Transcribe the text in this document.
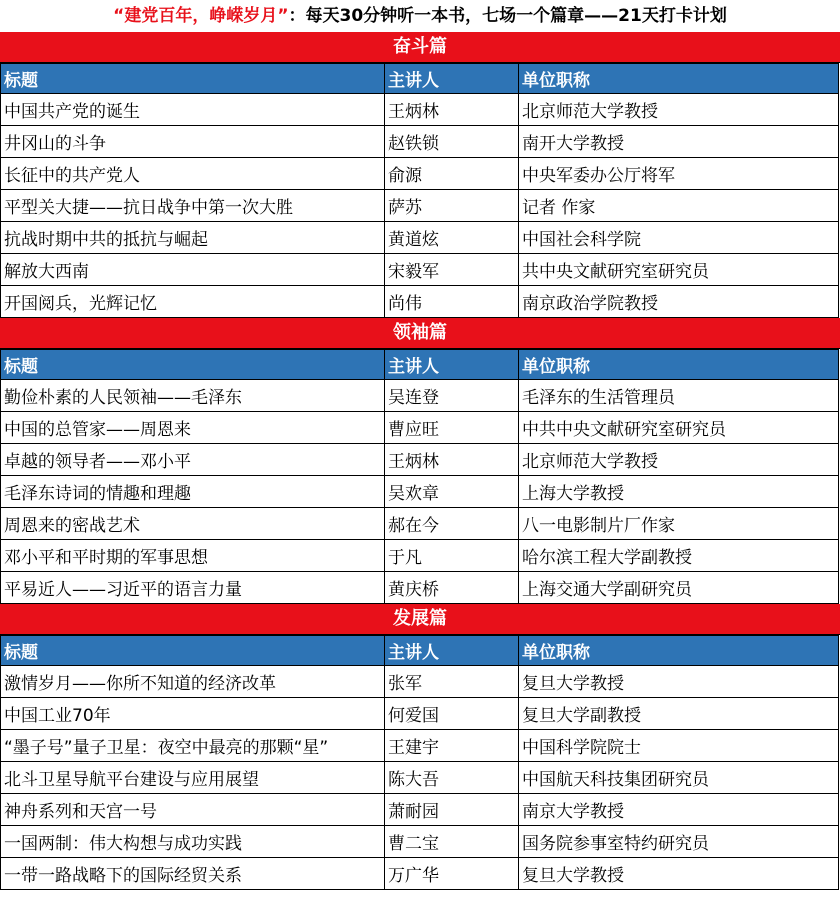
“建党百年，峥嵘岁月”：每天30分钟听一本书，七场一个篇章——21天打卡计划
奋斗篇
标题	主讲人	单位职称
中国共产党的诞生	王炳林	北京师范大学教授
井冈山的斗争	赵铁锁	南开大学教授
长征中的共产党人	俞源	中央军委办公厅将军
平型关大捷——抗日战争中第一次大胜	萨苏	记者 作家
抗战时期中共的抵抗与崛起	黄道炫	中国社会科学院
解放大西南	宋毅军	共中央文献研究室研究员
开国阅兵，光辉记忆	尚伟	南京政治学院教授
领袖篇
标题	主讲人	单位职称
勤俭朴素的人民领袖——毛泽东	吴连登	毛泽东的生活管理员
中国的总管家——周恩来	曹应旺	中共中央文献研究室研究员
卓越的领导者——邓小平	王炳林	北京师范大学教授
毛泽东诗词的情趣和理趣	吴欢章	上海大学教授
周恩来的密战艺术	郝在今	八一电影制片厂作家
邓小平和平时期的军事思想	于凡	哈尔滨工程大学副教授
平易近人——习近平的语言力量	黄庆桥	上海交通大学副研究员
发展篇
标题	主讲人	单位职称
激情岁月——你所不知道的经济改革	张军	复旦大学教授
中国工业70年	何爱国	复旦大学副教授
“墨子号”量子卫星：夜空中最亮的那颗“星”	王建宇	中国科学院院士
北斗卫星导航平台建设与应用展望	陈大吾	中国航天科技集团研究员
神舟系列和天宫一号	萧耐园	南京大学教授
一国两制：伟大构想与成功实践	曹二宝	国务院参事室特约研究员
一带一路战略下的国际经贸关系	万广华	复旦大学教授
